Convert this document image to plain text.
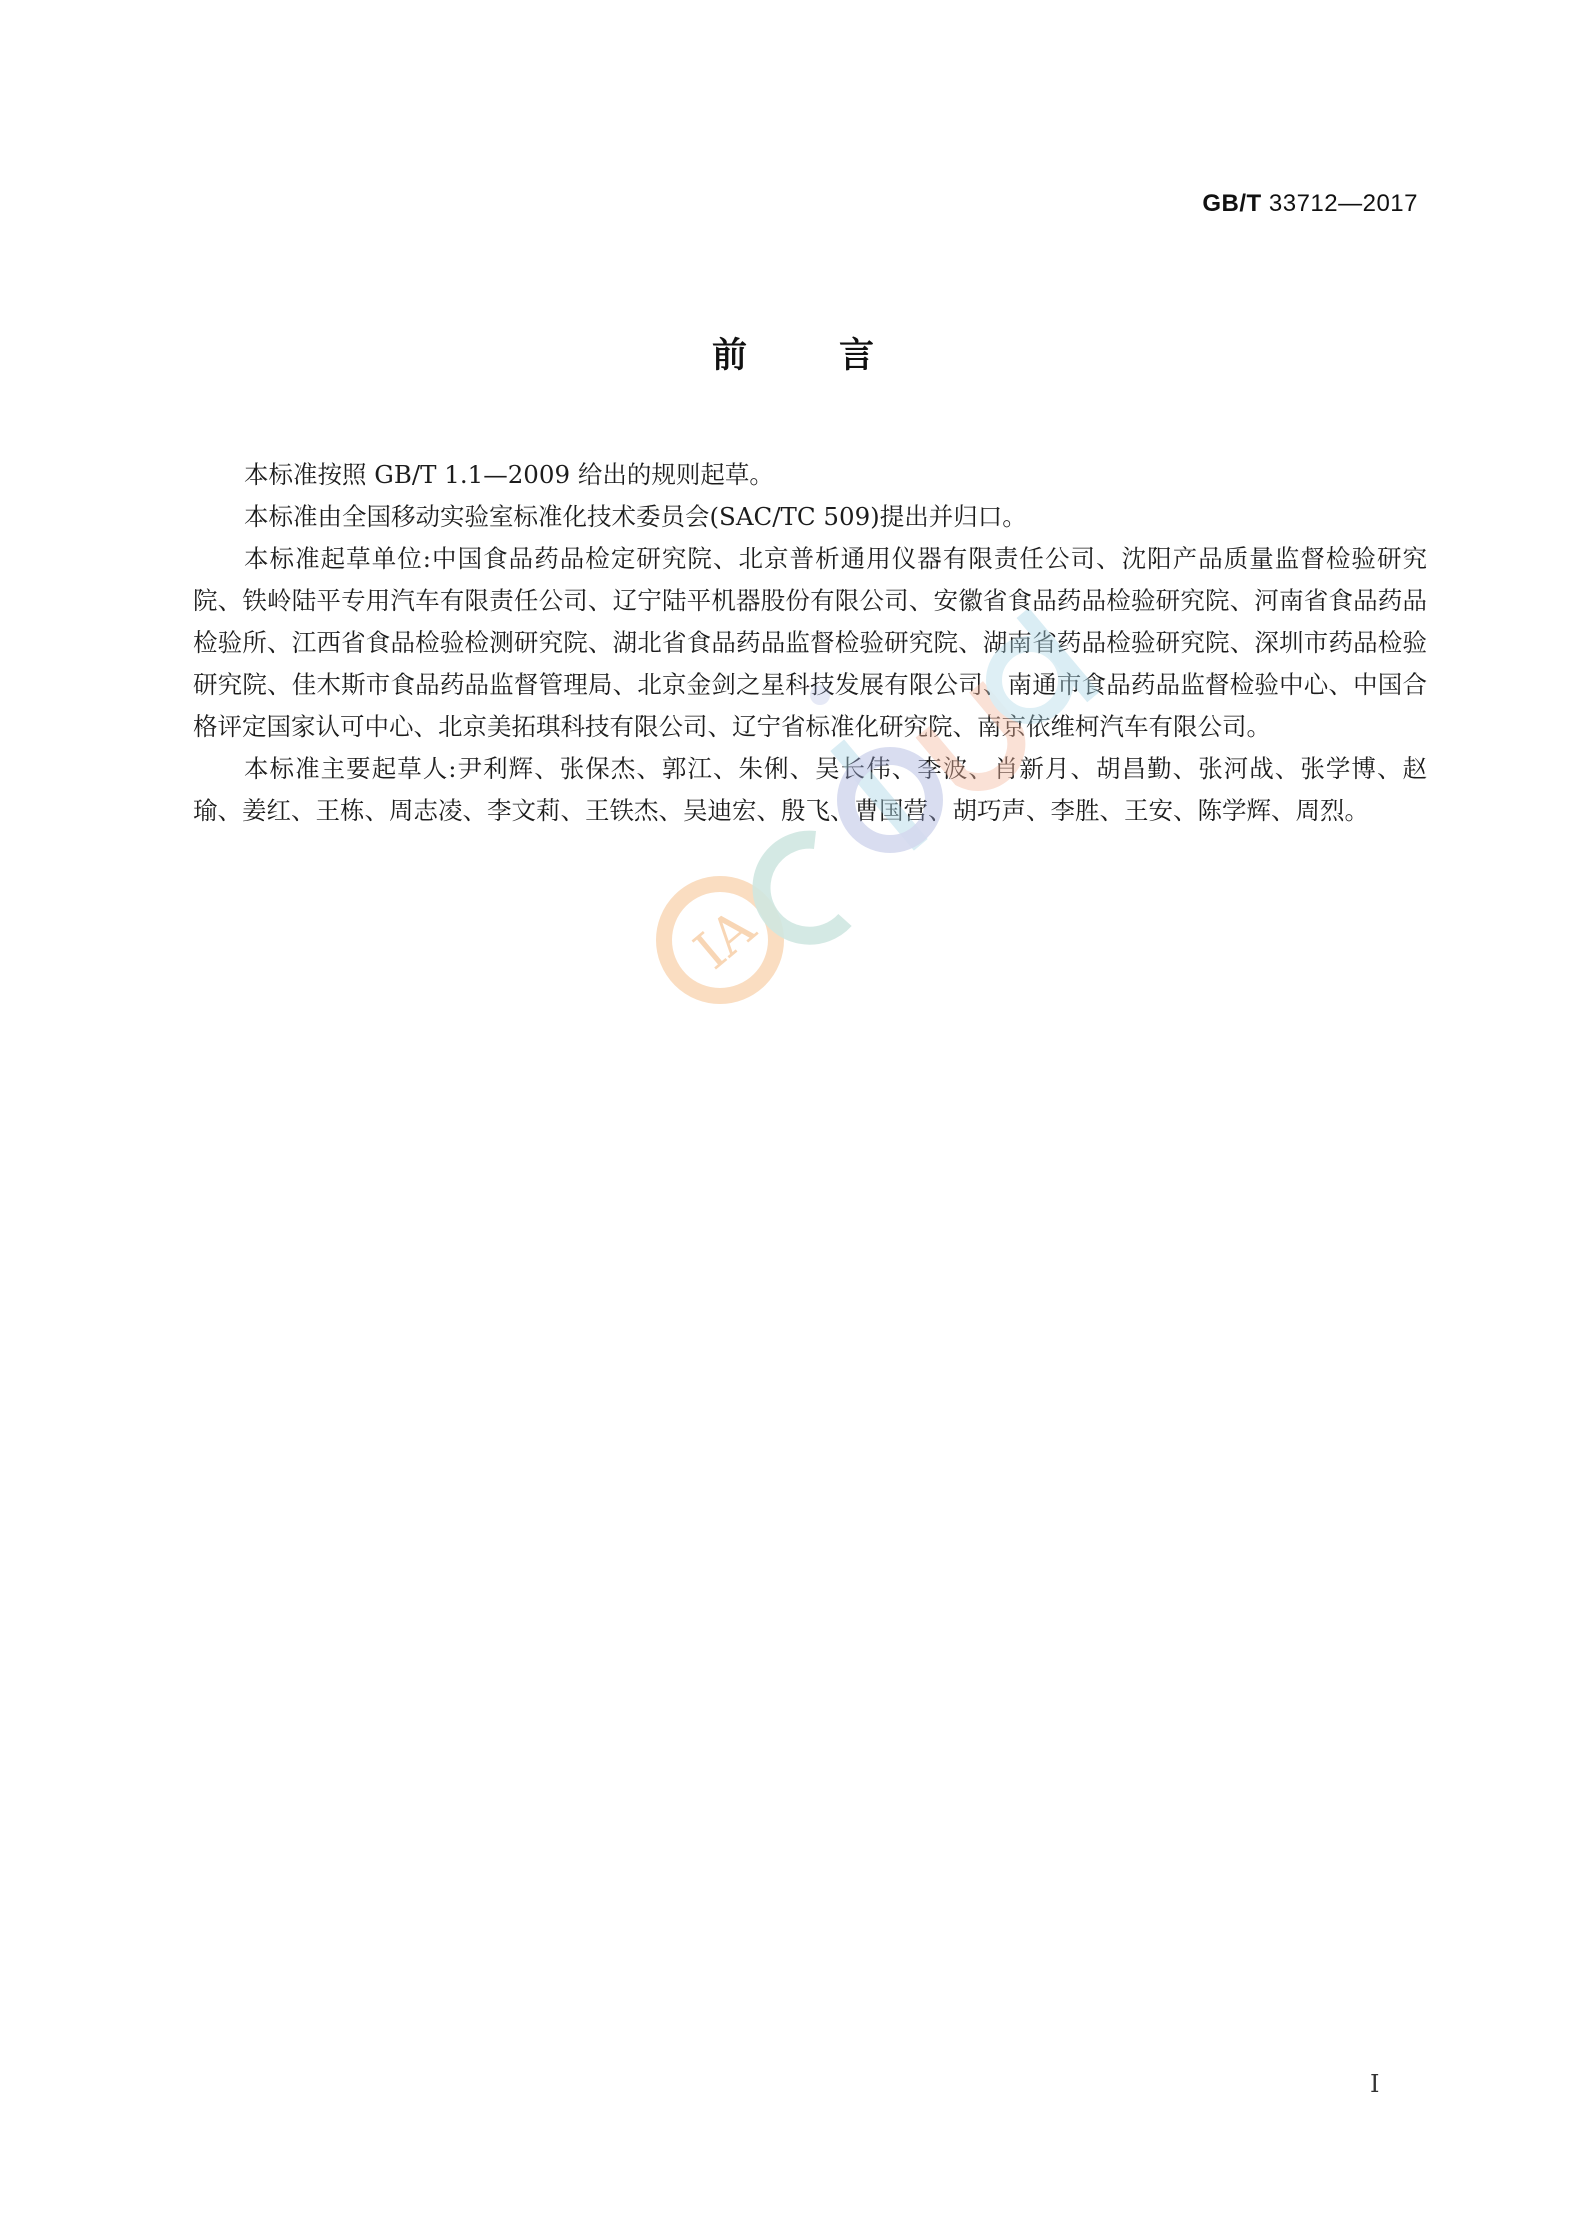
GB/T 33712—2017
前言

本标准按照 GB/T 1.1—2009 给出的规则起草。

本标准由全国移动实验室标准化技术委员会(SAC/TC 509)提出并归口。

本标准起草单位:中国食品药品检定研究院、北京普析通用仪器有限责任公司、沈阳产品质量监督检验研究院、铁岭陆平专用汽车有限责任公司、辽宁陆平机器股份有限公司、安徽省食品药品检验研究院、河南省食品药品检验所、江西省食品检验检测研究院、湖北省食品药品监督检验研究院、湖南省药品检验研究院、深圳市药品检验研究院、佳木斯市食品药品监督管理局、北京金剑之星科技发展有限公司、南通市食品药品监督检验中心、中国合格评定国家认可中心、北京美拓琪科技有限公司、辽宁省标准化研究院、南京依维柯汽车有限公司。

本标准主要起草人:尹利辉、张保杰、郭江、朱俐、吴长伟、李波、肖新月、胡昌勤、张河战、张学博、赵瑜、姜红、王栋、周志凌、李文莉、王铁杰、吴迪宏、殷飞、曹国营、胡巧声、李胜、王安、陈学辉、周烈。

IA
I
